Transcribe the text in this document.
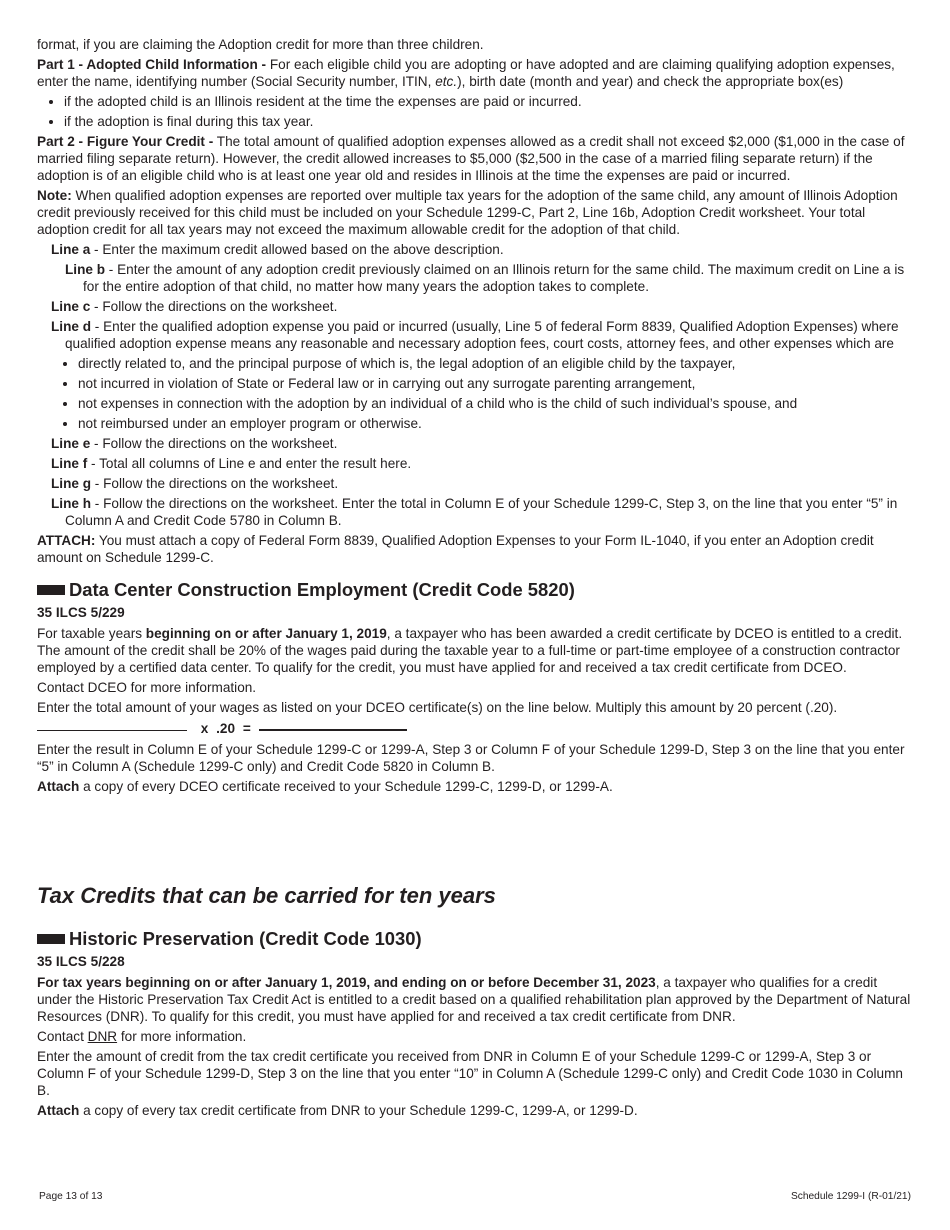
format, if you are claiming the Adoption credit for more than three children.

Part 1 - Adopted Child Information - For each eligible child you are adopting or have adopted and are claiming qualifying adoption expenses, enter the name, identifying number (Social Security number, ITIN, etc.), birth date (month and year) and check the appropriate box(es)

• if the adopted child is an Illinois resident at the time the expenses are paid or incurred.
• if the adoption is final during this tax year.

Part 2 - Figure Your Credit - The total amount of qualified adoption expenses allowed as a credit shall not exceed $2,000 ($1,000 in the case of married filing separate return). However, the credit allowed increases to $5,000 ($2,500 in the case of a married filing separate return) if the adoption is of an eligible child who is at least one year old and resides in Illinois at the time the expenses are paid or incurred.

Note: When qualified adoption expenses are reported over multiple tax years for the adoption of the same child, any amount of Illinois Adoption credit previously received for this child must be included on your Schedule 1299-C, Part 2, Line 16b, Adoption Credit worksheet. Your total adoption credit for all tax years may not exceed the maximum allowable credit for the adoption of that child.

Line a - Enter the maximum credit allowed based on the above description.

Line b - Enter the amount of any adoption credit previously claimed on an Illinois return for the same child. The maximum credit on Line a is for the entire adoption of that child, no matter how many years the adoption takes to complete.

Line c - Follow the directions on the worksheet.

Line d - Enter the qualified adoption expense you paid or incurred (usually, Line 5 of federal Form 8839, Qualified Adoption Expenses) where qualified adoption expense means any reasonable and necessary adoption fees, court costs, attorney fees, and other expenses which are

• directly related to, and the principal purpose of which is, the legal adoption of an eligible child by the taxpayer,
• not incurred in violation of State or Federal law or in carrying out any surrogate parenting arrangement,
• not expenses in connection with the adoption by an individual of a child who is the child of such individual’s spouse, and
• not reimbursed under an employer program or otherwise.

Line e - Follow the directions on the worksheet.

Line f - Total all columns of Line e and enter the result here.

Line g - Follow the directions on the worksheet.

Line h - Follow the directions on the worksheet. Enter the total in Column E of your Schedule 1299-C, Step 3, on the line that you enter “5” in Column A and Credit Code 5780 in Column B.

ATTACH: You must attach a copy of Federal Form 8839, Qualified Adoption Expenses to your Form IL-1040, if you enter an Adoption credit amount on Schedule 1299-C.

Data Center Construction Employment (Credit Code 5820)

35 ILCS 5/229

For taxable years beginning on or after January 1, 2019, a taxpayer who has been awarded a credit certificate by DCEO is entitled to a credit. The amount of the credit shall be 20% of the wages paid during the taxable year to a full-time or part-time employee of a construction contractor employed by a certified data center. To qualify for the credit, you must have applied for and received a tax credit certificate from DCEO.

Contact DCEO for more information.

Enter the total amount of your wages as listed on your DCEO certificate(s) on the line below. Multiply this amount by 20 percent (.20).

x .20 =

Enter the result in Column E of your Schedule 1299-C or 1299-A, Step 3 or Column F of your Schedule 1299-D, Step 3 on the line that you enter “5” in Column A (Schedule 1299-C only) and Credit Code 5820 in Column B.

Attach a copy of every DCEO certificate received to your Schedule 1299-C, 1299-D, or 1299-A.

Tax Credits that can be carried for ten years
Historic Preservation (Credit Code 1030)

35 ILCS 5/228

For tax years beginning on or after January 1, 2019, and ending on or before December 31, 2023, a taxpayer who qualifies for a credit under the Historic Preservation Tax Credit Act is entitled to a credit based on a qualified rehabilitation plan approved by the Department of Natural Resources (DNR). To qualify for this credit, you must have applied for and received a tax credit certificate from DNR.

Contact DNR for more information.

Enter the amount of credit from the tax credit certificate you received from DNR in Column E of your Schedule 1299-C or 1299-A, Step 3 or Column F of your Schedule 1299-D, Step 3 on the line that you enter “10” in Column A (Schedule 1299-C only) and Credit Code 1030 in Column B.

Attach a copy of every tax credit certificate from DNR to your Schedule 1299-C, 1299-A, or 1299-D.

Page 13 of 13	Schedule 1299-I (R-01/21)
